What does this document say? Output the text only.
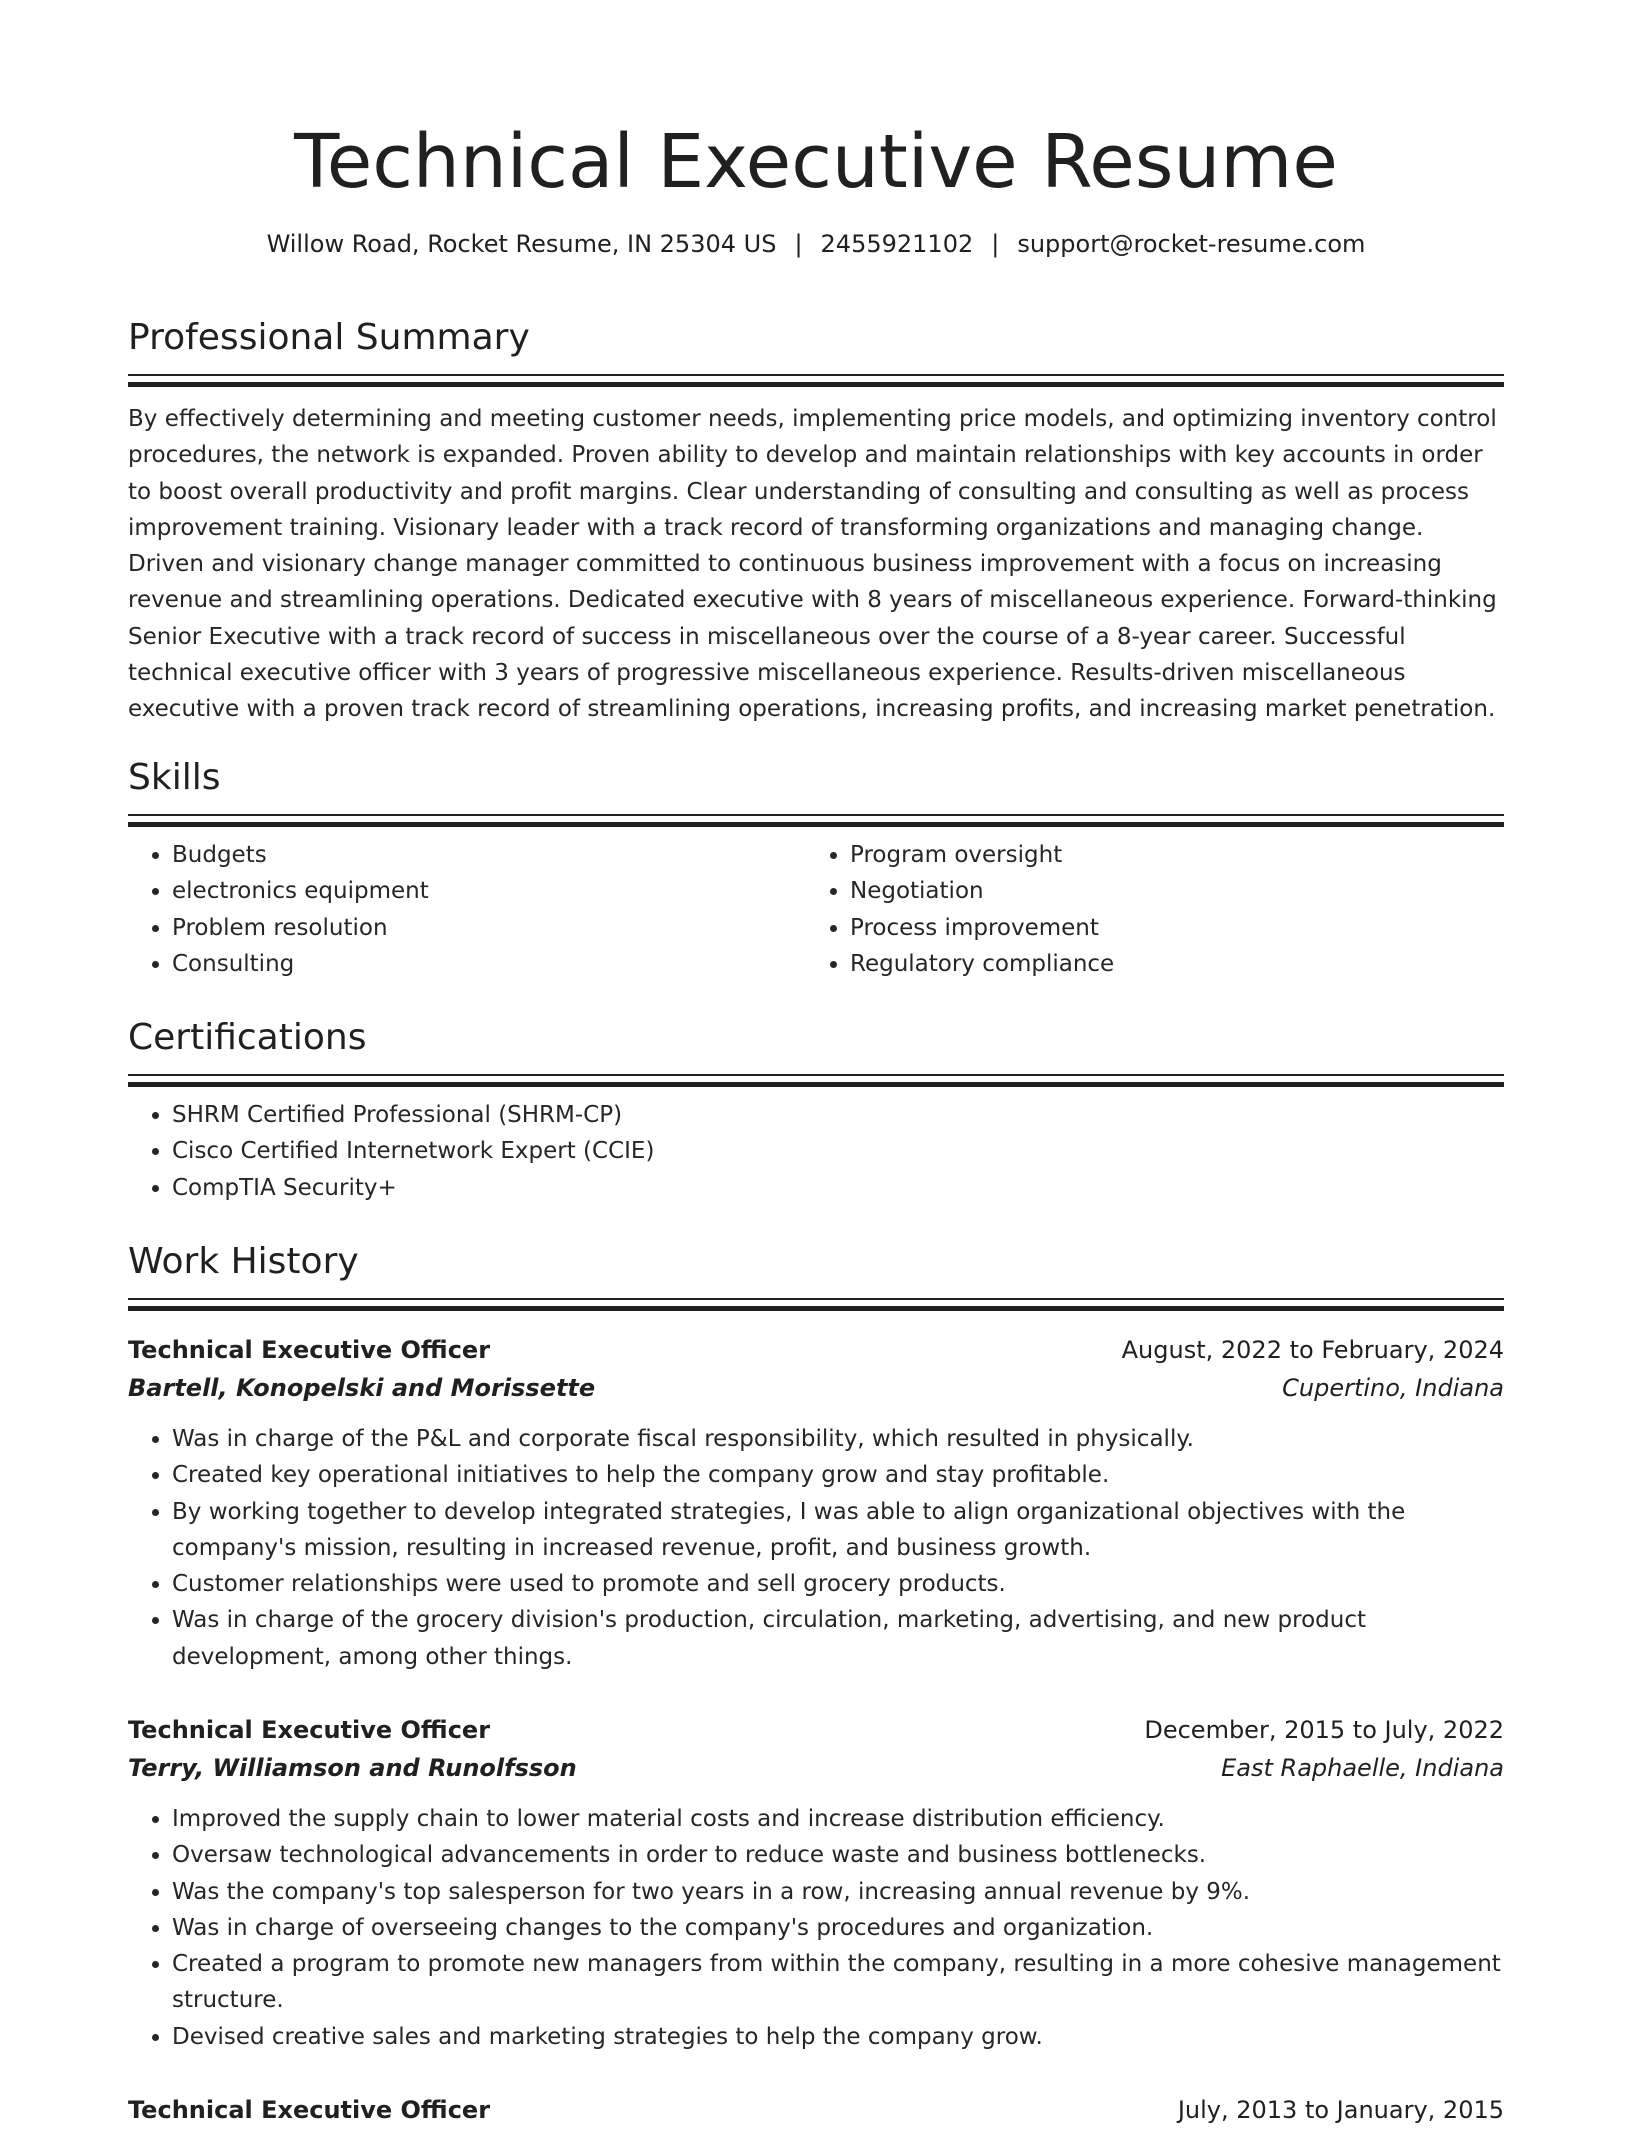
Technical Executive Resume
Willow Road, Rocket Resume, IN 25304 US | 2455921102 | support@rocket-resume.com
Professional Summary

By effectively determining and meeting customer needs, implementing price models, and optimizing inventory control procedures, the network is expanded. Proven ability to develop and maintain relationships with key accounts in order to boost overall productivity and profit margins. Clear understanding of consulting and consulting as well as process improvement training. Visionary leader with a track record of transforming organizations and managing change. Driven and visionary change manager committed to continuous business improvement with a focus on increasing revenue and streamlining operations. Dedicated executive with 8 years of miscellaneous experience. Forward-thinking Senior Executive with a track record of success in miscellaneous over the course of a 8-year career. Successful technical executive officer with 3 years of progressive miscellaneous experience. Results-driven miscellaneous executive with a proven track record of streamlining operations, increasing profits, and increasing market penetration.

Skills
• Budgets
• electronics equipment
• Problem resolution
• Consulting
• Program oversight
• Negotiation
• Process improvement
• Regulatory compliance
Certifications
• SHRM Certified Professional (SHRM-CP)
• Cisco Certified Internetwork Expert (CCIE)
• CompTIA Security+
Work History
Technical Executive Officer	August, 2022 to February, 2024
Bartell, Konopelski and Morissette	Cupertino, Indiana
• Was in charge of the P&L and corporate fiscal responsibility, which resulted in physically.
• Created key operational initiatives to help the company grow and stay profitable.
• By working together to develop integrated strategies, I was able to align organizational objectives with the company's mission, resulting in increased revenue, profit, and business growth.
• Customer relationships were used to promote and sell grocery products.
• Was in charge of the grocery division's production, circulation, marketing, advertising, and new product development, among other things.
Technical Executive Officer	December, 2015 to July, 2022
Terry, Williamson and Runolfsson	East Raphaelle, Indiana
• Improved the supply chain to lower material costs and increase distribution efficiency.
• Oversaw technological advancements in order to reduce waste and business bottlenecks.
• Was the company's top salesperson for two years in a row, increasing annual revenue by 9%.
• Was in charge of overseeing changes to the company's procedures and organization.
• Created a program to promote new managers from within the company, resulting in a more cohesive management structure.
• Devised creative sales and marketing strategies to help the company grow.
Technical Executive Officer	July, 2013 to January, 2015
